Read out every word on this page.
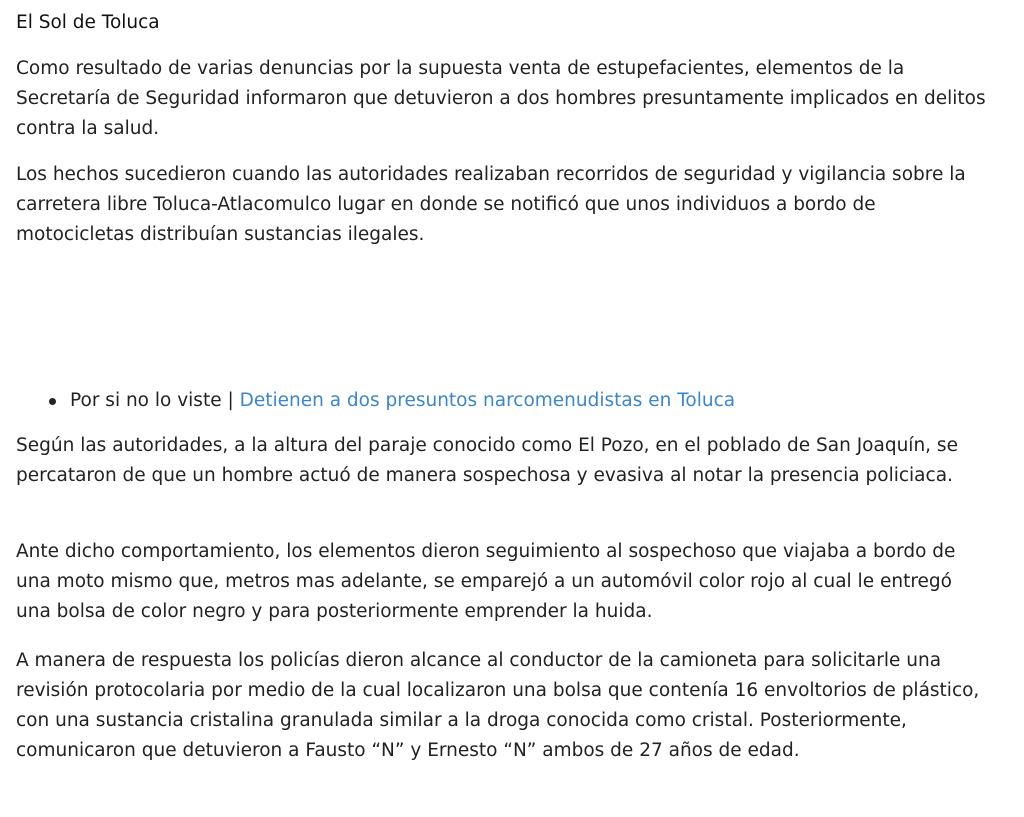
El Sol de Toluca

Como resultado de varias denuncias por la supuesta venta de estupefacientes, elementos de la Secretaría de Seguridad informaron que detuvieron a dos hombres presuntamente implicados en delitos contra la salud.

Los hechos sucedieron cuando las autoridades realizaban recorridos de seguridad y vigilancia sobre la carretera libre Toluca-Atlacomulco lugar en donde se notificó que unos individuos a bordo de motocicletas distribuían sustancias ilegales.

Por si no lo viste | Detienen a dos presuntos narcomenudistas en Toluca

Según las autoridades, a la altura del paraje conocido como El Pozo, en el poblado de San Joaquín, se percataron de que un hombre actuó de manera sospechosa y evasiva al notar la presencia policiaca.

Ante dicho comportamiento, los elementos dieron seguimiento al sospechoso que viajaba a bordo de una moto mismo que, metros mas adelante, se emparejó a un automóvil color rojo al cual le entregó una bolsa de color negro y para posteriormente emprender la huida.

A manera de respuesta los policías dieron alcance al conductor de la camioneta para solicitarle una revisión protocolaria por medio de la cual localizaron una bolsa que contenía 16 envoltorios de plástico, con una sustancia cristalina granulada similar a la droga conocida como cristal. Posteriormente, comunicaron que detuvieron a Fausto “N” y Ernesto “N” ambos de 27 años de edad.
